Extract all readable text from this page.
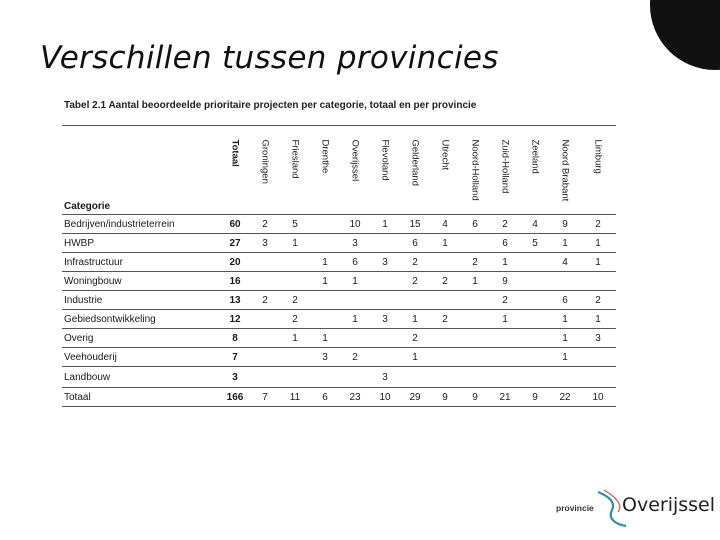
Verschillen tussen provincies
Tabel 2.1 Aantal beoordeelde prioritaire projecten per categorie, totaal en per provincie
Categorie	Totaal	Groningen	Friesland	Drenthe	Overijssel	Flevoland	Gelderland	Utrecht	Noord-Holland	Zuid-Holland	Zeeland	Noord Brabant	Limburg

Bedrijven/industrieterrein	60	2	5		10	1	15	4	6	2	4	9	2
HWBP	27	3	1		3		6	1		6	5	1	1
Infrastructuur	20			1	6	3	2		2	1		4	1
Woningbouw	16			1	1		2	2	1	9			
Industrie	13	2	2							2		6	2
Gebiedsontwikkeling	12		2		1	3	1	2		1		1	1
Overig	8		1	1			2					1	3
Veehouderij	7			3	2		1					1	
Landbouw	3					3							
Totaal	166	7	11	6	23	10	29	9	9	21	9	22	10
provincie Overijssel
